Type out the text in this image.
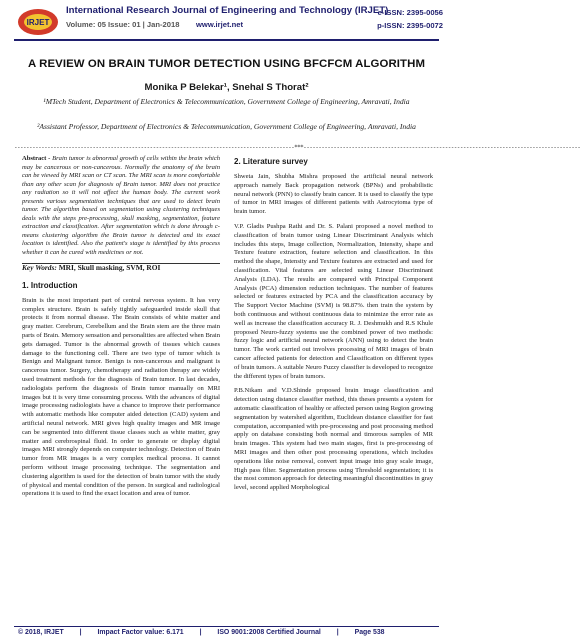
IRJET
International Research Journal of Engineering and Technology (IRJET)
Volume: 05 Issue: 01 | Jan-2018 www.irjet.net
e-ISSN: 2395-0056
p-ISSN: 2395-0072
A REVIEW ON BRAIN TUMOR DETECTION USING BFCFCM ALGORITHM
Monika P Belekar¹, Snehal S Thorat²
¹MTech Student, Department of Electronics & Telecommunication, Government College of Engineering, Amravati, India
²Assistant Professor, Department of Electronics & Telecommunication, Government College of Engineering, Amravati, India
---------------------------------------------------------------------------------------------***--------------------------------------------------------------------------------------------

Abstract - Brain tumor is abnormal growth of cells within the brain which may be cancerous or non-cancerous. Normally the anatomy of the brain can be viewed by MRI scan or CT scan. The MRI scan is more comfortable than any other scan for diagnosis of Brain tumor. MRI does not practice any radiation so it will not affect the human body. The current work presents various segmentation techniques that are used to detect brain tumor. The algorithm based on segmentation using clustering techniques deals with the steps pre-processing, skull masking, segmentation, feature extraction and classification. After segmentation which is done through c-means clustering algorithm the Brain tumor is detected and its exact location is identified. Also the patient's stage is identified by this process whether it can be cured with medicines or not.

Key Words: MRI, Skull masking, SVM, ROI

1. Introduction

Brain is the most important part of central nervous system. It has very complex structure. Brain is safely tightly safeguarded inside skull that protects it from normal disease. The Brain consists of white matter and gray matter. Cerebrum, Cerebellum and the Brain stem are the three main parts of Brain. Memory sensation and personalities are affected when Brain gets damaged. Tumor is the abnormal growth of tissues which causes damage to the functioning cell. There are two type of tumor which is Benign and Malignant tumor. Benign is non-cancerous and malignant is cancerous tumor. Surgery, chemotherapy and radiation therapy are widely used treatment methods for the diagnosis of Brain tumor. In last decades, radiologists perform the diagnosis of Brain tumor manually on MRI images but it is very time consuming process. With the advances of digital image processing radiologists have a chance to improve their performance with automatic methods like computer aided detection (CAD) system and artificial neural network. MRI gives high quality images and MR image can be segmented into different tissue classes such as white matter, gray matter and cerebrospinal fluid. In order to generate or display digital images MRI strongly depends on computer technology. Detection of Brain tumor from MR images is a very complex medical process. It cannot perform without image processing technique. The segmentation and clustering algorithm is used for the detection of brain tumor with the study of physical and mental condition of the person. In surgical and radiological operations it is used to find the exact location and area of tumor.

2. Literature survey

Shweta Jain, Shubha Mishra proposed the artificial neural network approach namely Back propagation network (BPNs) and probabilistic neural network (PNN) to classify brain cancer. It is used to classify the type of tumor in MRI images of different patients with Astrocytoma type of brain tumor.

V.P. Gladis Pushpa Rathi and Dr. S. Palani proposed a novel method to classification of brain tumor using Linear Discriminant Analysis which includes this steps, Image collection, Normalization, Intensity, shape and Texture feature extraction, feature selection and classification. In this method the shape, Intensity and Texture features are extracted and used for classification. Vital features are selected using Linear Discriminant Analysis (LDA). The results are compared with Principal Component Analysis (PCA) dimension reduction techniques. The number of features selected or features extracted by PCA and the classification accuracy by The Support Vector Machine (SVM) is 98.87%. then train the system by both continuous and without continuous data to minimize the error rate as well as increase the classification accuracy R. J. Deshmukh and R.S Khule proposed Neuro-fuzzy systems use the combined power of two methods: fuzzy logic and artificial neural network (ANN) using to detect the brain tumor. The work carried out involves processing of MRI images of brain cancer affected patients for detection and Classification on different types of brain tumors. A suitable Neuro Fuzzy classifier is developed to recognize the different types of brain tumors.

P.B.Nikam and V.D.Shinde proposed brain image classification and detection using distance classifier method, this theses presents a system for automatic classification of healthy or affected person using Region growing segmentation by watershed algorithm, Euclidean distance classifier for fast computation, accompanied with pre-processing and post processing method apply on database consisting both normal and timorous samples of MR brain images. This system had two main stages, first is pre-processing of MRI images and then other post processing operations, which includes operations like noise removal, convert input image into gray scale image, High pass filter. Segmentation process using Threshold segmentation; it is the most common approach for detecting meaningful discontinuities in gray level, second applied Morphological

© 2018, IRJET | Impact Factor value: 6.171 | ISO 9001:2008 Certified Journal | Page 538
